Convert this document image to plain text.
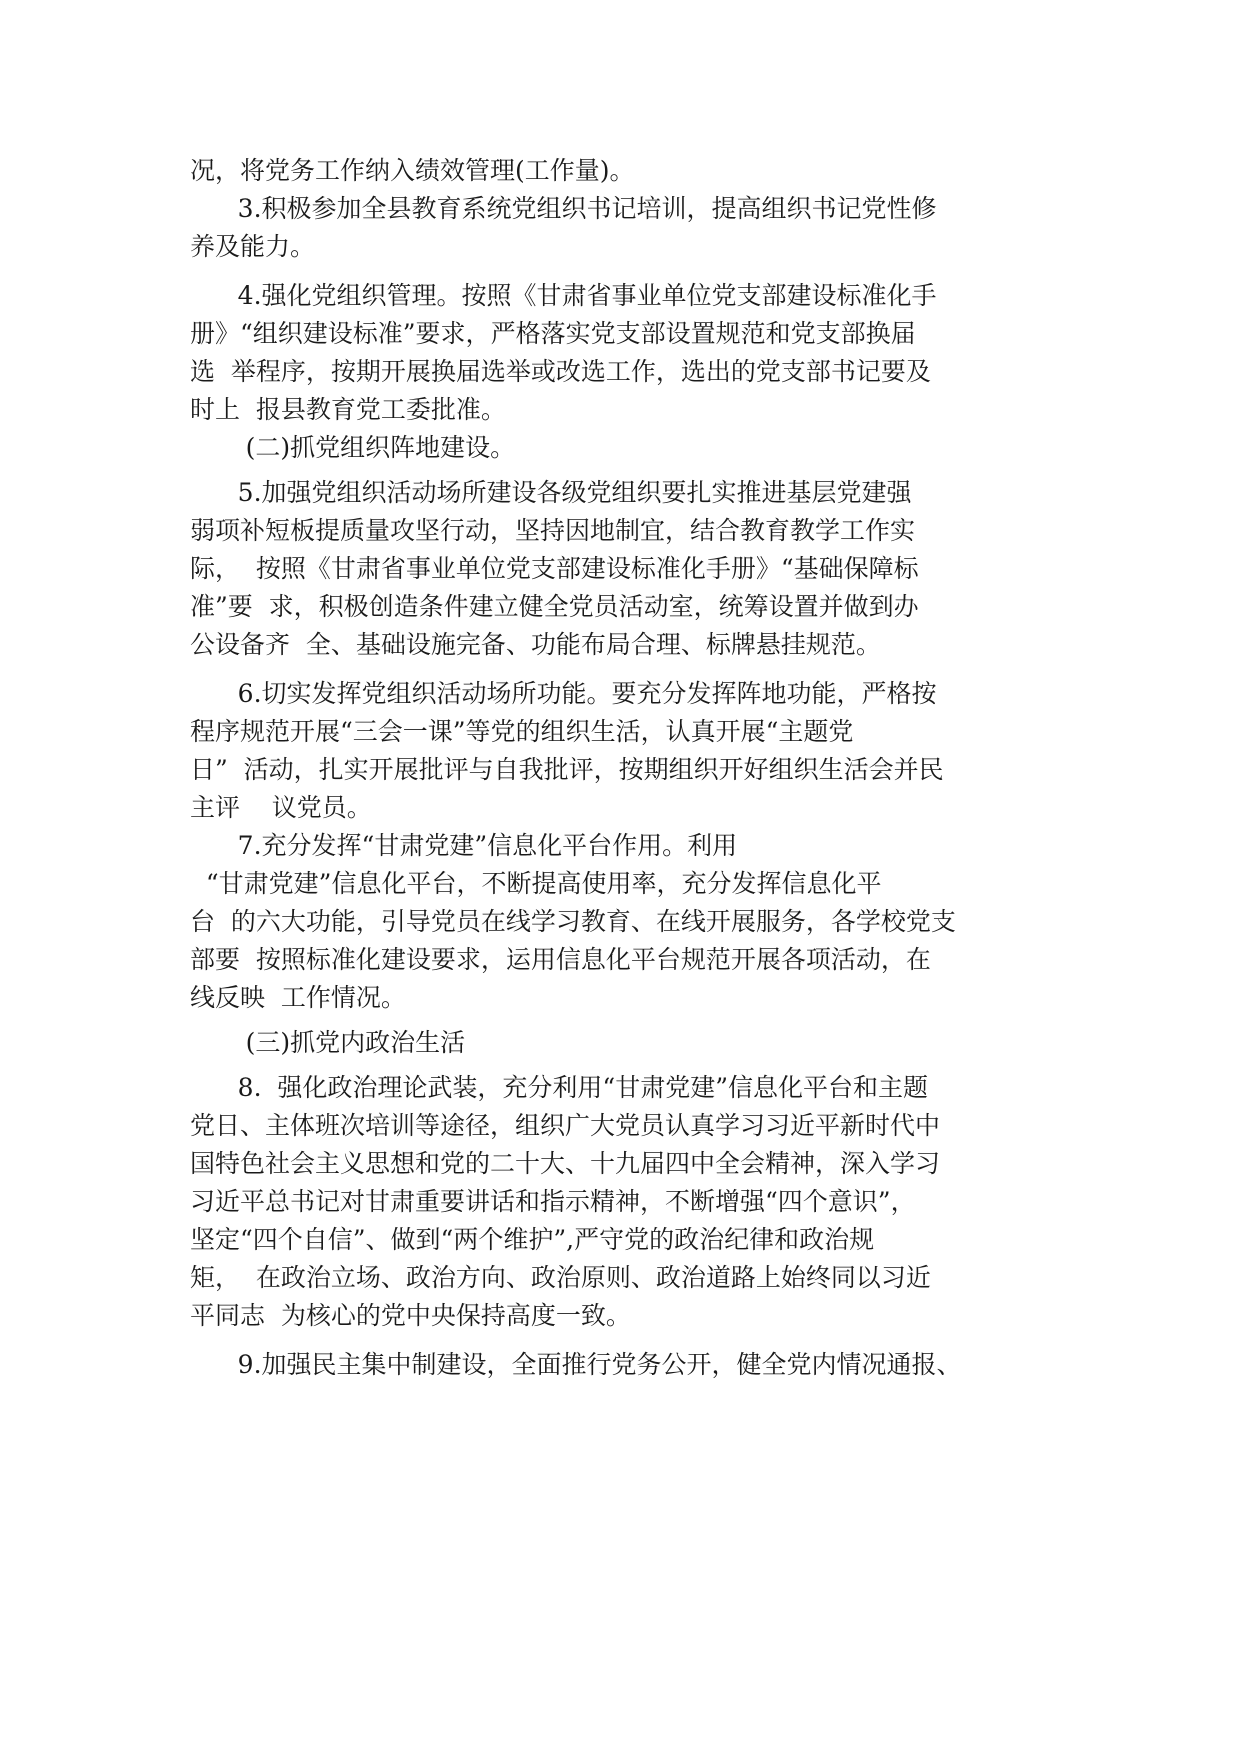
况，将党务工作纳入绩效管理(工作量)。
3.积极参加全县教育系统党组织书记培训，提高组织书记党性修
养及能力。
4.强化党组织管理。按照《甘肃省事业单位党支部建设标准化手
册》“组织建设标准”要求，严格落实党支部设置规范和党支部换届
选  举程序，按期开展换届选举或改选工作，选出的党支部书记要及
时上  报县教育党工委批准。
(二)抓党组织阵地建设。
5.加强党组织活动场所建设各级党组织要扎实推进基层党建强
弱项补短板提质量攻坚行动，坚持因地制宜，结合教育教学工作实
际，  按照《甘肃省事业单位党支部建设标准化手册》“基础保障标
准”要  求，积极创造条件建立健全党员活动室，统筹设置并做到办
公设备齐  全、基础设施完备、功能布局合理、标牌悬挂规范。
6.切实发挥党组织活动场所功能。要充分发挥阵地功能，严格按
程序规范开展“三会一课”等党的组织生活，认真开展“主题党
日”  活动，扎实开展批评与自我批评，按期组织开好组织生活会并民
主评    议党员。
7.充分发挥“甘肃党建”信息化平台作用。利用
“甘肃党建”信息化平台，不断提高使用率，充分发挥信息化平
台  的六大功能，引导党员在线学习教育、在线开展服务，各学校党支
部要  按照标准化建设要求，运用信息化平台规范开展各项活动，在
线反映  工作情况。
(三)抓党内政治生活
8.  强化政治理论武装，充分利用“甘肃党建”信息化平台和主题
党日、主体班次培训等途径，组织广大党员认真学习习近平新时代中
国特色社会主义思想和党的二十大、十九届四中全会精神，深入学习
习近平总书记对甘肃重要讲话和指示精神，不断增强“四个意识”，
坚定“四个自信”、做到“两个维护”,严守党的政治纪律和政治规
矩，  在政治立场、政治方向、政治原则、政治道路上始终同以习近
平同志  为核心的党中央保持高度一致。
9.加强民主集中制建设，全面推行党务公开，健全党内情况通报、
